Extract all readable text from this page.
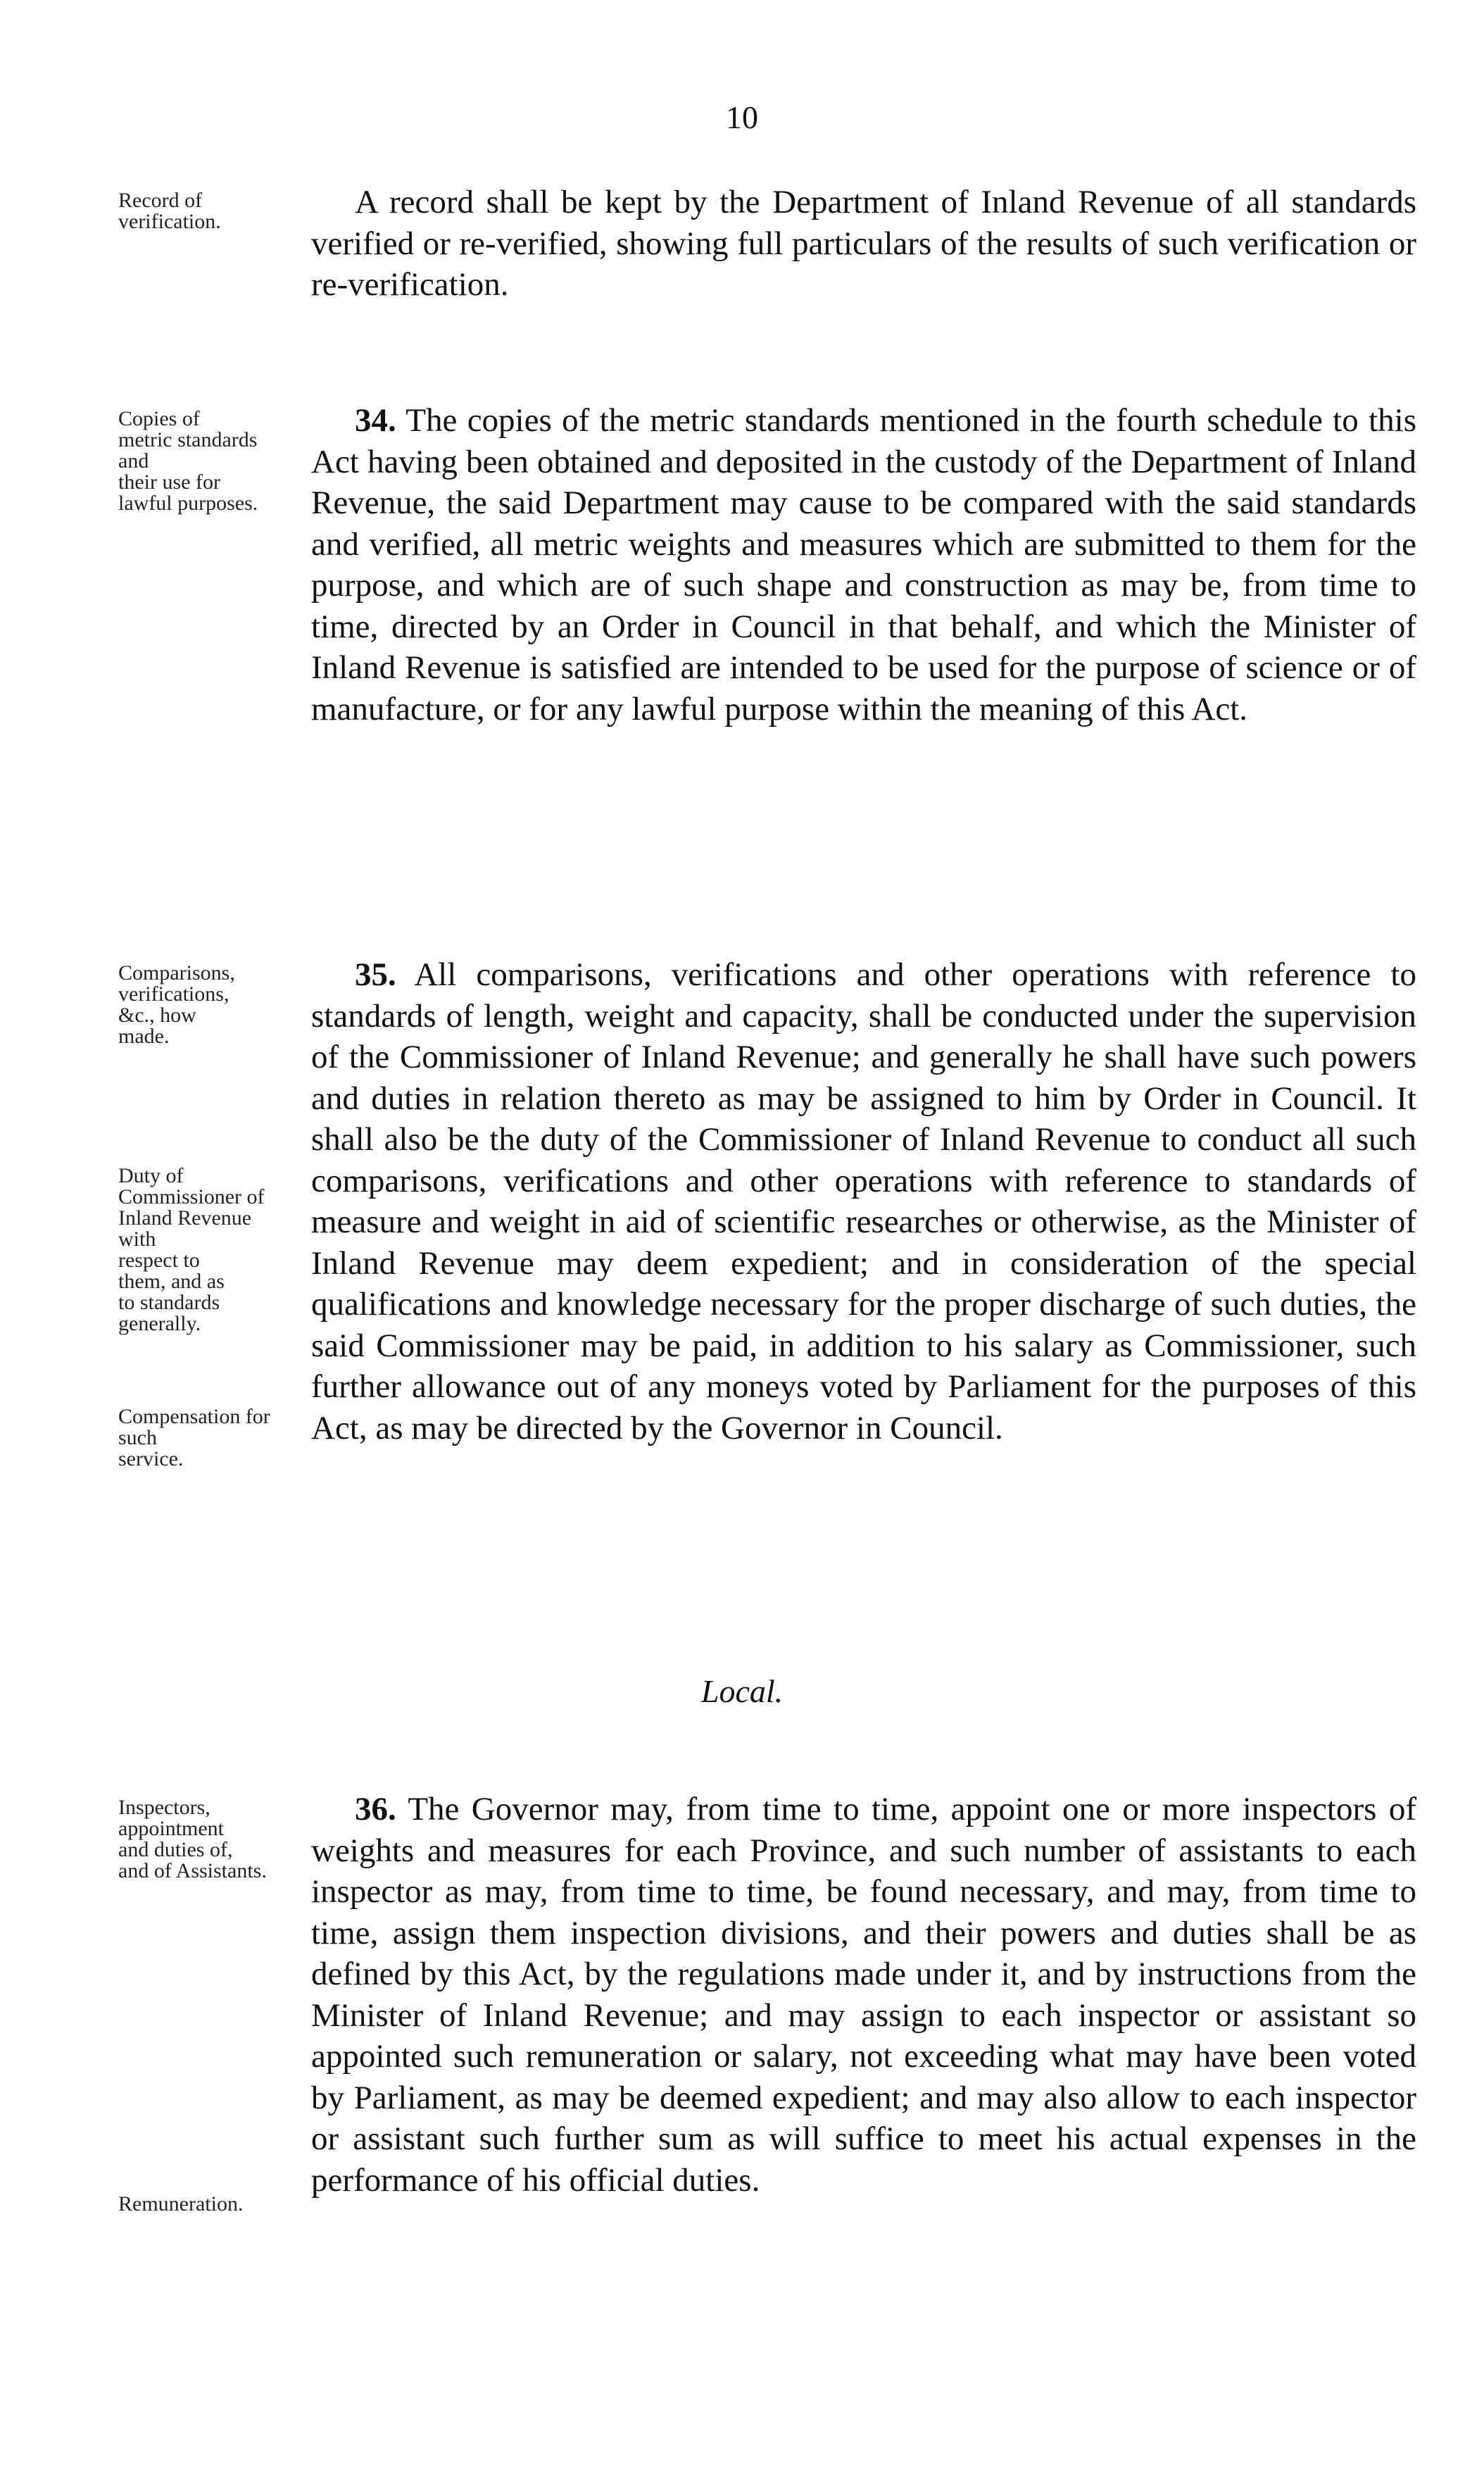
10

Record of
verification.

A record shall be kept by the Department of Inland Revenue of all standards verified or re-verified, showing full particulars of the results of such verification or re-verification.

Copies of
metric standards and
their use for
lawful purposes.

34. The copies of the metric standards mentioned in the fourth schedule to this Act having been obtained and deposited in the custody of the Department of Inland Revenue, the said Department may cause to be compared with the said standards and verified, all metric weights and measures which are submitted to them for the purpose, and which are of such shape and construction as may be, from time to time, directed by an Order in Council in that behalf, and which the Minister of Inland Revenue is satisfied are intended to be used for the purpose of science or of manufacture, or for any lawful purpose within the meaning of this Act.

Comparisons,
verifications,
&c., how
made.

Duty of Commissioner of
Inland Revenue with
respect to
them, and as
to standards
generally.

Compensation for such
service.

35. All comparisons, verifications and other operations with reference to standards of length, weight and capacity, shall be conducted under the supervision of the Commissioner of Inland Revenue; and generally he shall have such powers and duties in relation thereto as may be assigned to him by Order in Council. It shall also be the duty of the Commissioner of Inland Revenue to conduct all such comparisons, verifications and other operations with reference to standards of measure and weight in aid of scientific researches or otherwise, as the Minister of Inland Revenue may deem expedient; and in consideration of the special qualifications and knowledge necessary for the proper discharge of such duties, the said Commissioner may be paid, in addition to his salary as Commissioner, such further allowance out of any moneys voted by Parliament for the purposes of this Act, as may be directed by the Governor in Council.

Local.

Inspectors,
appointment
and duties of,
and of Assistants.

Remuneration.

36. The Governor may, from time to time, appoint one or more inspectors of weights and measures for each Province, and such number of assistants to each inspector as may, from time to time, be found necessary, and may, from time to time, assign them inspection divisions, and their powers and duties shall be as defined by this Act, by the regulations made under it, and by instructions from the Minister of Inland Revenue; and may assign to each inspector or assistant so appointed such remuneration or salary, not exceeding what may have been voted by Parliament, as may be deemed expedient; and may also allow to each inspector or assistant such further sum as will suffice to meet his actual expenses in the performance of his official duties.
